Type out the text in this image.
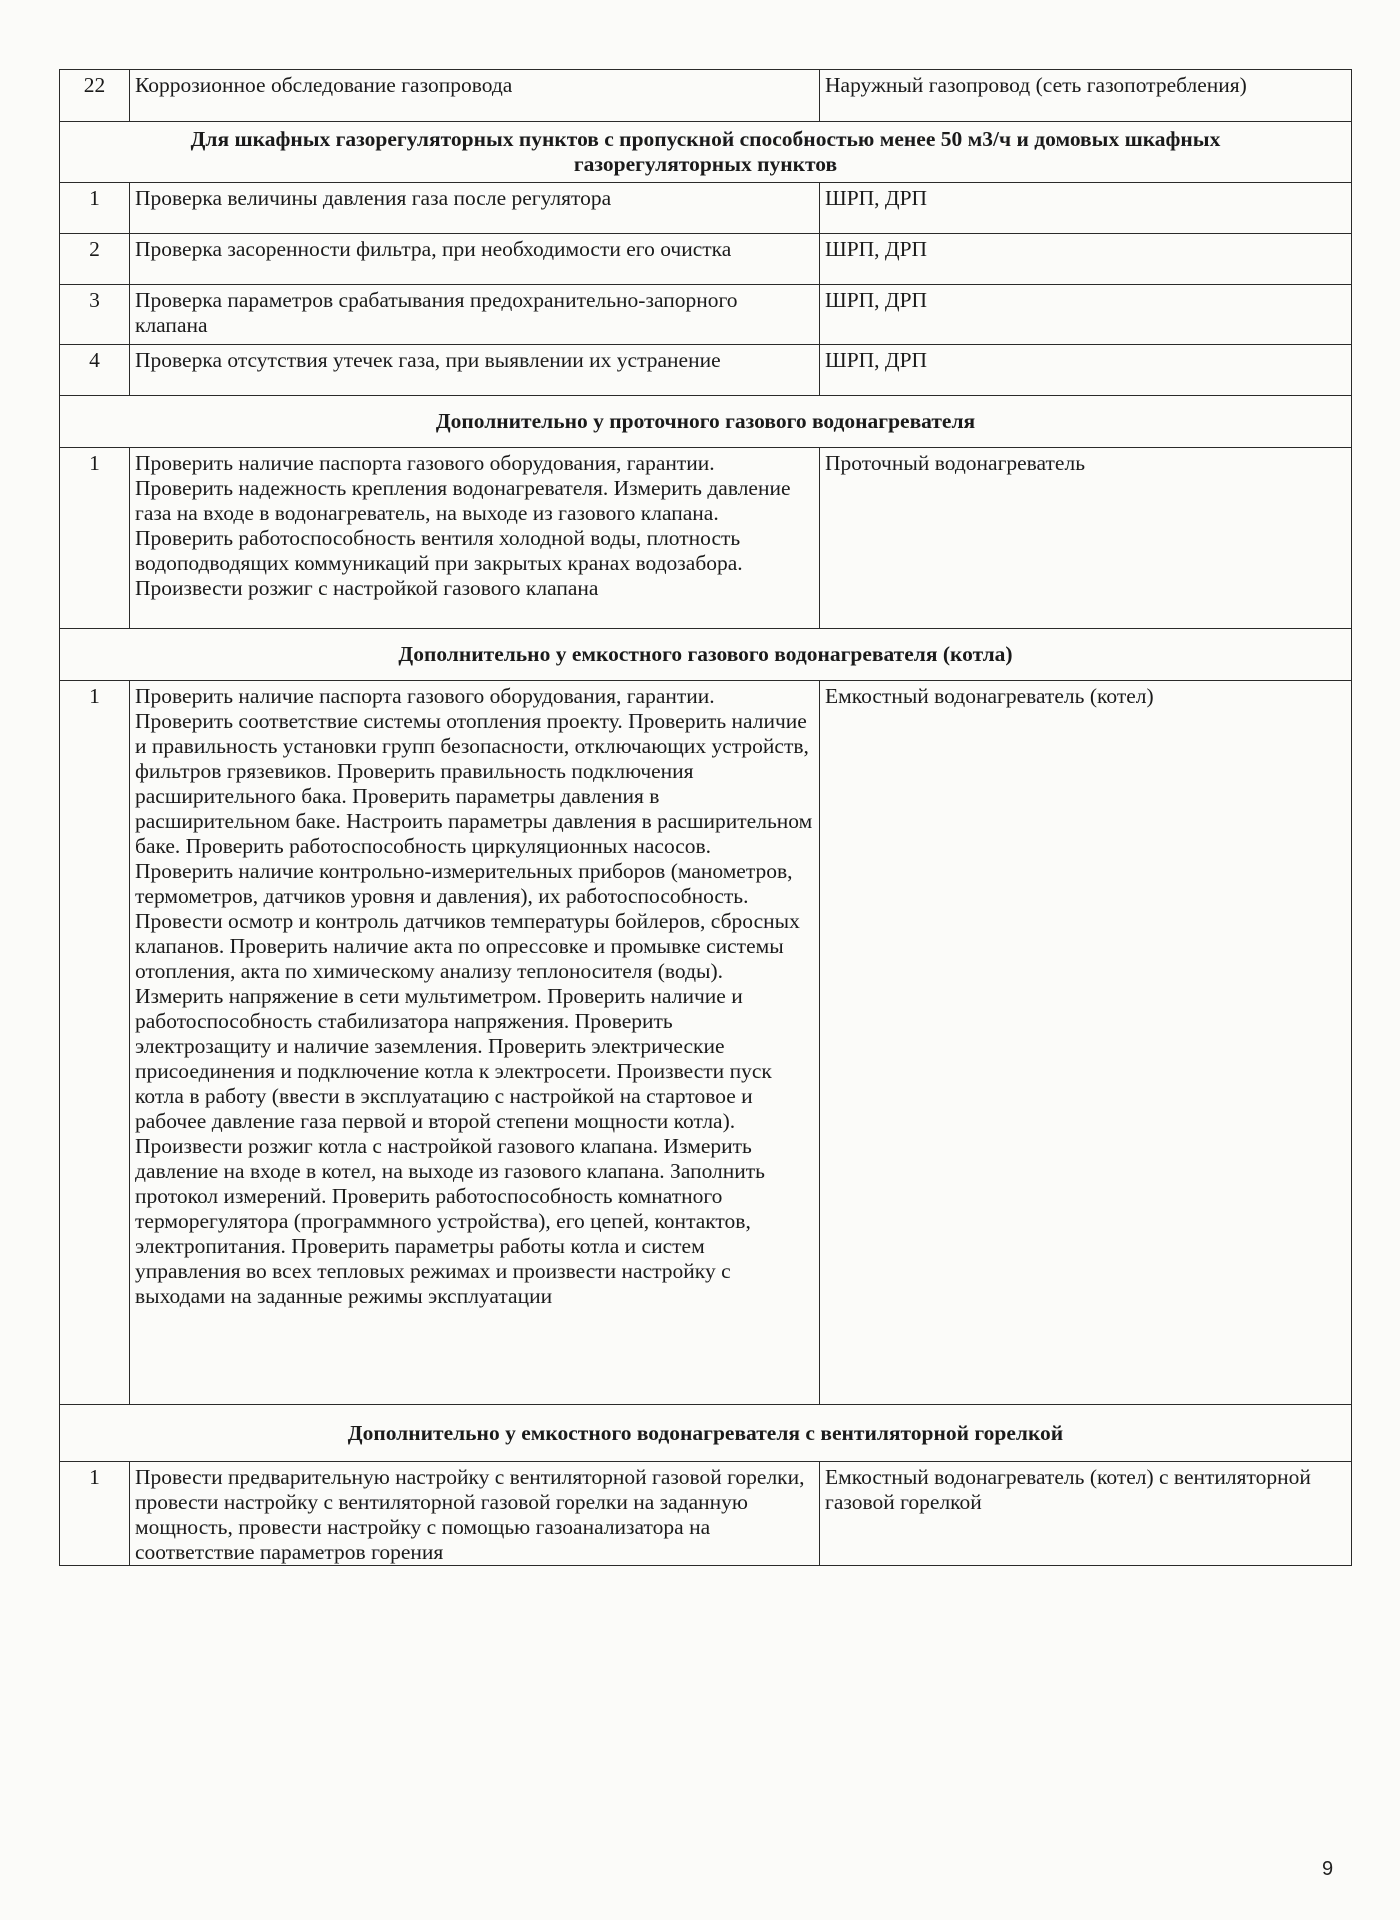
22	Коррозионное обследование газопровода	Наружный газопровод (сеть газопотребления)
Для шкафных газорегуляторных пунктов с пропускной способностью менее 50 м3/ч и домовых шкафных газорегуляторных пунктов		
1	Проверка величины давления газа после регулятора	ШРП, ДРП
2	Проверка засоренности фильтра, при необходимости его очистка	ШРП, ДРП
3	Проверка параметров срабатывания предохранительно-запорного клапана	ШРП, ДРП
4	Проверка отсутствия утечек газа, при выявлении их устранение	ШРП, ДРП
Дополнительно у проточного газового водонагревателя		
1	Проверить наличие паспорта газового оборудования, гарантии. Проверить надежность крепления водонагревателя. Измерить давление газа на входе в водонагреватель, на выходе из газового клапана. Проверить работоспособность вентиля холодной воды, плотность водоподводящих коммуникаций при закрытых кранах водозабора. Произвести розжиг с настройкой газового клапана	Проточный водонагреватель
Дополнительно у емкостного газового водонагревателя (котла)		
1	Проверить наличие паспорта газового оборудования, гарантии. Проверить соответствие системы отопления проекту. Проверить наличие и правильность установки групп безопасности, отключающих устройств, фильтров грязевиков. Проверить правильность подключения расширительного бака. Проверить параметры давления в расширительном баке. Настроить параметры давления в расширительном баке. Проверить работоспособность циркуляционных насосов. Проверить наличие контрольно-измерительных приборов (манометров, термометров, датчиков уровня и давления), их работоспособность. Провести осмотр и контроль датчиков температуры бойлеров, сбросных клапанов. Проверить наличие акта по опрессовке и промывке системы отопления, акта по химическому анализу теплоносителя (воды). Измерить напряжение в сети мультиметром. Проверить наличие и работоспособность стабилизатора напряжения. Проверить электрозащиту и наличие заземления. Проверить электрические присоединения и подключение котла к электросети. Произвести пуск котла в работу (ввести в эксплуатацию с настройкой на стартовое и рабочее давление газа первой и второй степени мощности котла). Произвести розжиг котла с настройкой газового клапана. Измерить давление на входе в котел, на выходе из газового клапана. Заполнить протокол измерений. Проверить работоспособность комнатного терморегулятора (программного устройства), его цепей, контактов, электропитания. Проверить параметры работы котла и систем управления во всех тепловых режимах и произвести настройку с выходами на заданные режимы эксплуатации	Емкостный водонагреватель (котел)
Дополнительно у емкостного водонагревателя с вентиляторной горелкой		
1	Провести предварительную настройку с вентиляторной газовой горелки, провести настройку с вентиляторной газовой горелки на заданную мощность, провести настройку с помощью газоанализатора на соответствие параметров горения	Емкостный водонагреватель (котел) с вентиляторной газовой горелкой
9
